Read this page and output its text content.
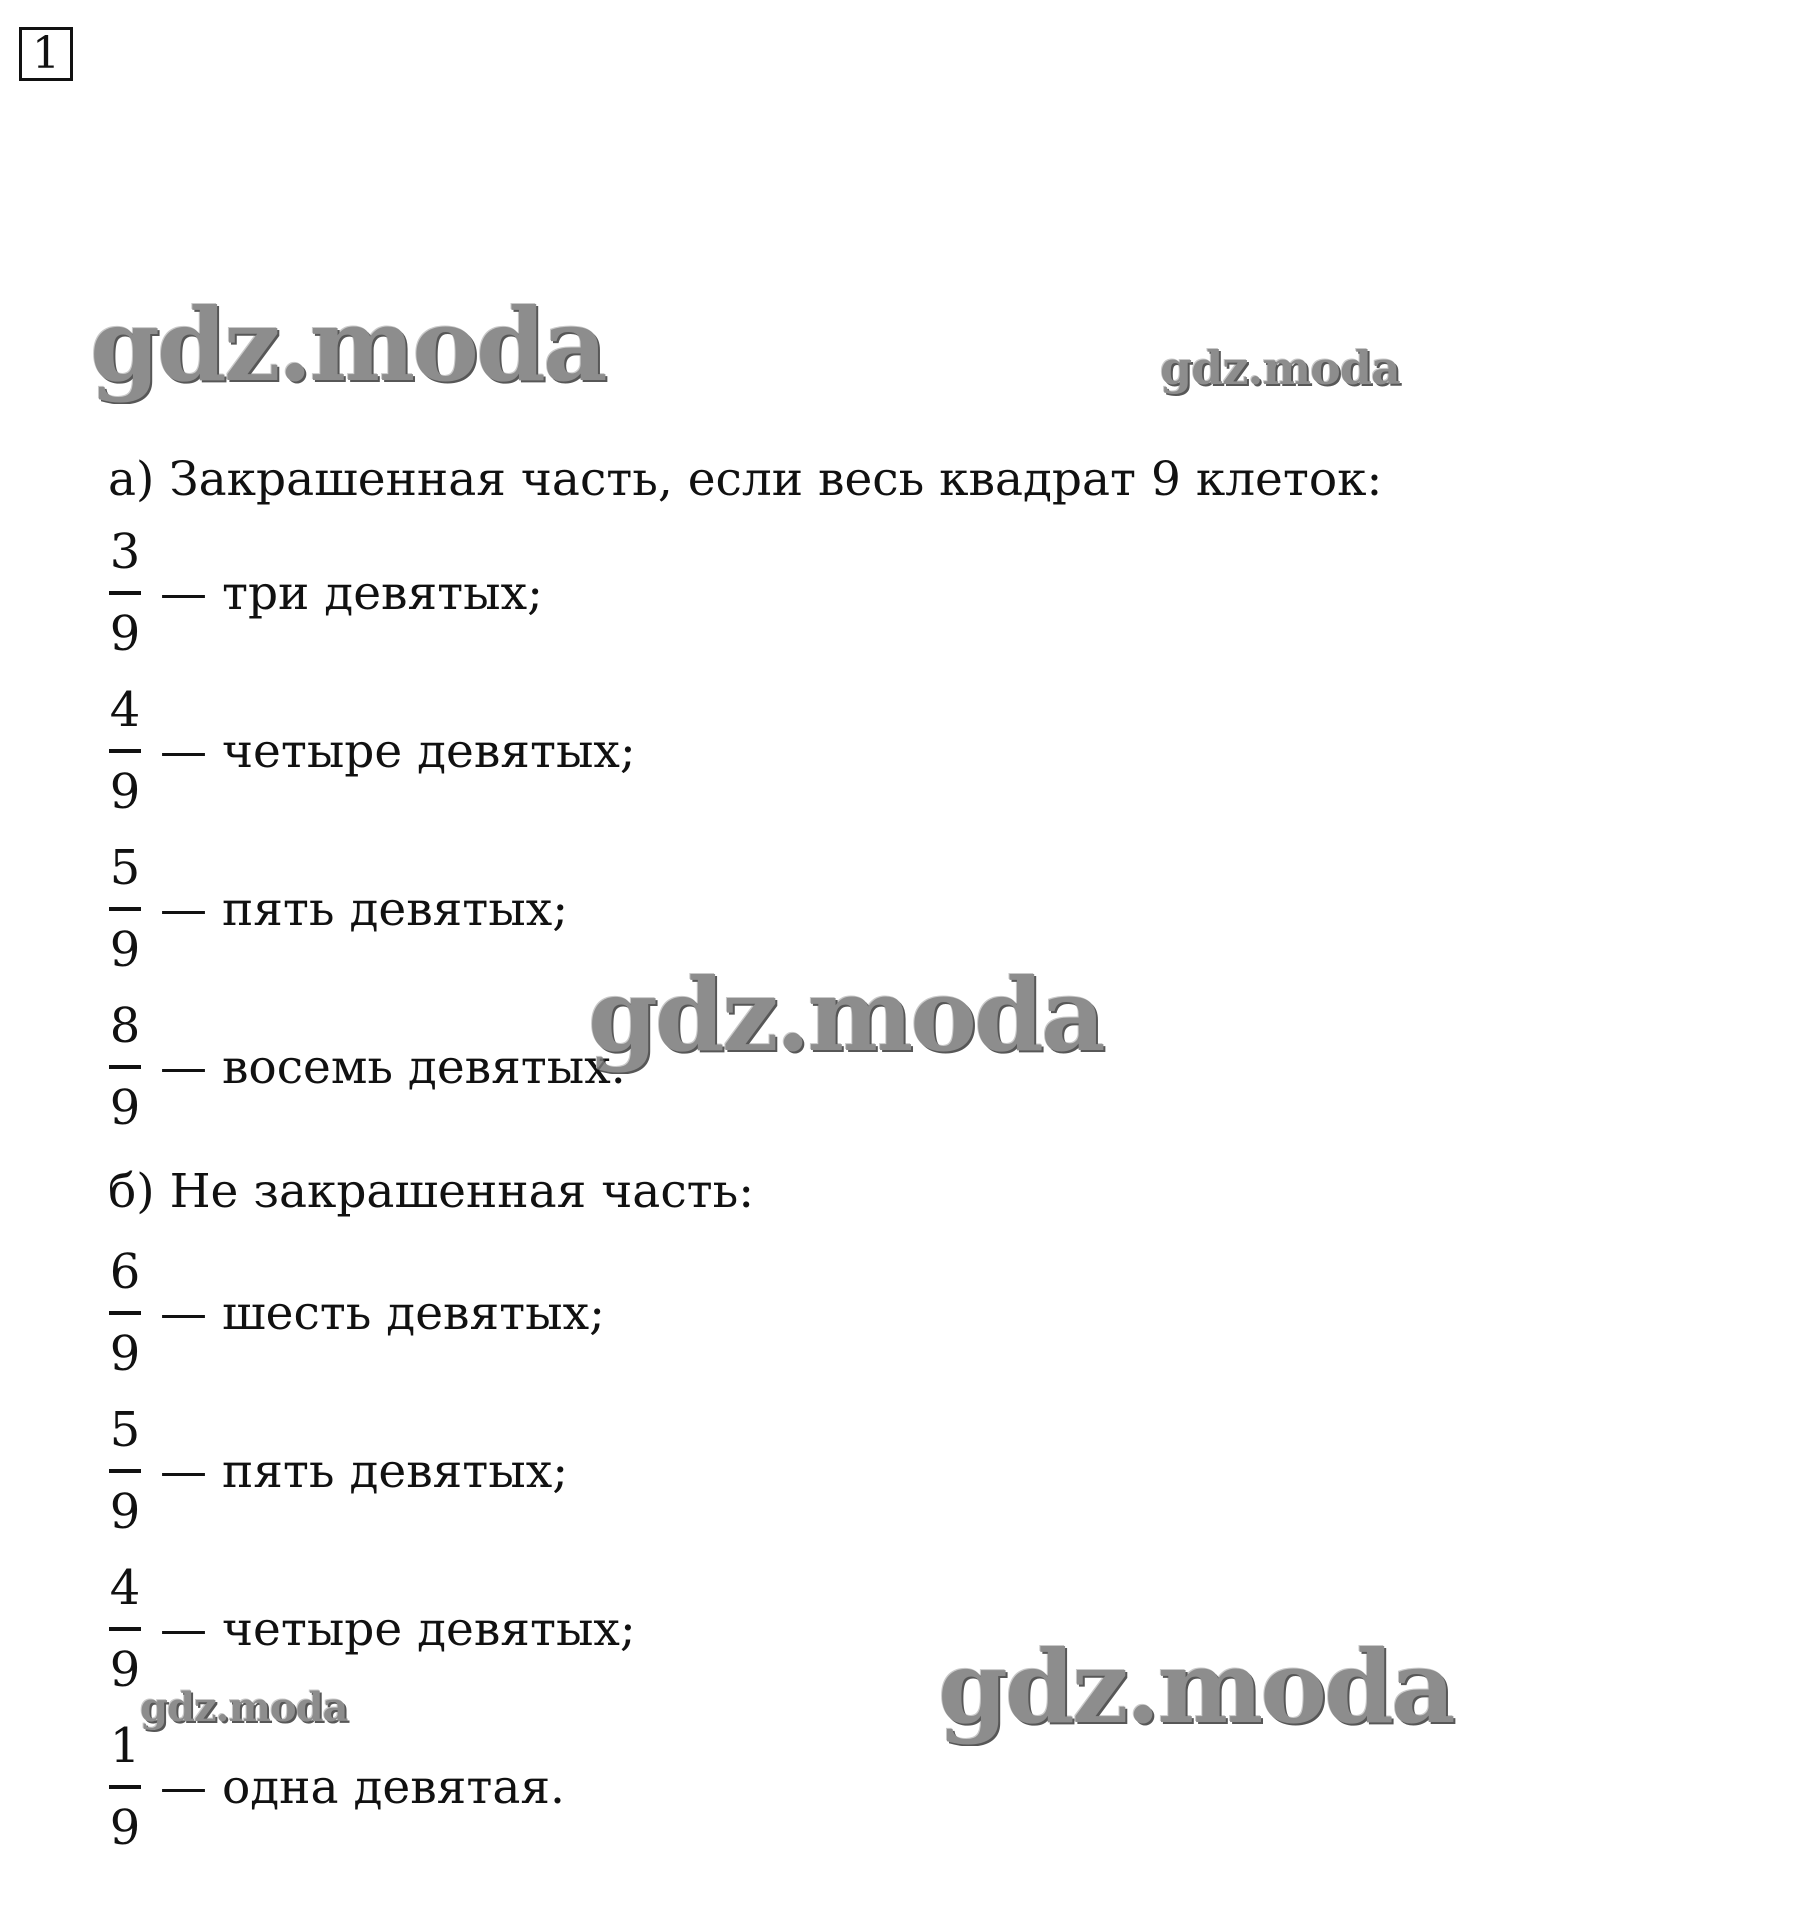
1
а) Закрашенная часть, если весь квадрат 9 клеток:
$\frac{3}{9}$ — три девятых;
$\frac{4}{9}$ — четыре девятых;
$\frac{5}{9}$ — пять девятых;
$\frac{8}{9}$ — восемь девятых.
б) Не закрашенная часть:
$\frac{6}{9}$ — шесть девятых;
$\frac{5}{9}$ — пять девятых;
$\frac{4}{9}$ — четыре девятых;
$\frac{1}{9}$ — одна девятая.
gdz.moda	gdz.moda
gdz.moda
gdz.moda
gdz.moda
